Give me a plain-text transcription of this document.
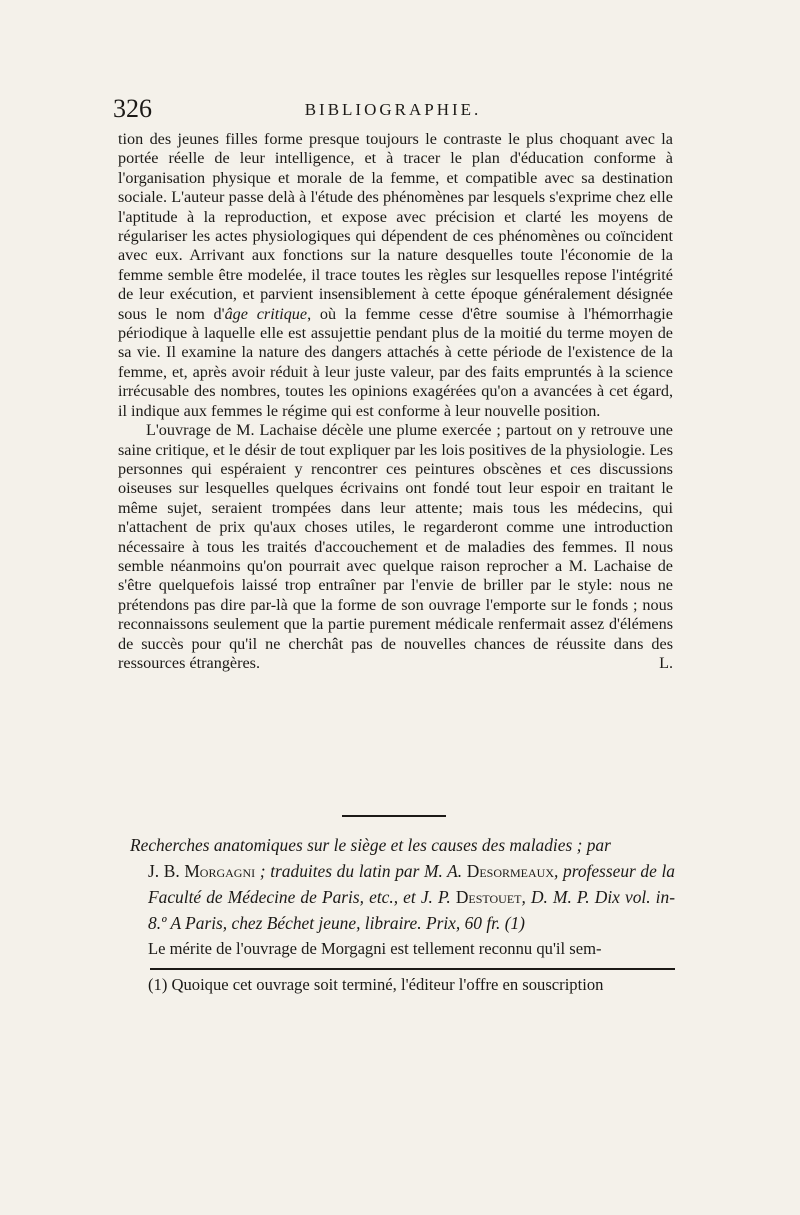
326	BIBLIOGRAPHIE.

tion des jeunes filles forme presque toujours le contraste le plus choquant avec la portée réelle de leur intelligence, et à tracer le plan d'éducation conforme à l'organisation physique et morale de la femme, et compatible avec sa destination sociale. L'auteur passe delà à l'étude des phénomènes par lesquels s'exprime chez elle l'aptitude à la reproduction, et expose avec précision et clarté les moyens de régulariser les actes physiologiques qui dépendent de ces phénomènes ou coïncident avec eux. Arrivant aux fonctions sur la nature desquelles toute l'économie de la femme semble être modelée, il trace toutes les règles sur lesquelles repose l'intégrité de leur exécution, et parvient insensiblement à cette époque généralement désignée sous le nom d'âge critique, où la femme cesse d'être soumise à l'hémorrhagie périodique à laquelle elle est assujettie pendant plus de la moitié du terme moyen de sa vie. Il examine la nature des dangers attachés à cette période de l'existence de la femme, et, après avoir réduit à leur juste valeur, par des faits empruntés à la science irrécusable des nombres, toutes les opinions exagérées qu'on a avancées à cet égard, il indique aux femmes le régime qui est conforme à leur nouvelle position.

L'ouvrage de M. Lachaise décèle une plume exercée ; partout on y retrouve une saine critique, et le désir de tout expliquer par les lois positives de la physiologie. Les personnes qui espéraient y rencontrer ces peintures obscènes et ces discussions oiseuses sur lesquelles quelques écrivains ont fondé tout leur espoir en traitant le même sujet, seraient trompées dans leur attente; mais tous les médecins, qui n'attachent de prix qu'aux choses utiles, le regarderont comme une introduction nécessaire à tous les traités d'accouchement et de maladies des femmes. Il nous semble néanmoins qu'on pourrait avec quelque raison reprocher a M. Lachaise de s'être quelquefois laissé trop entraîner par l'envie de briller par le style: nous ne prétendons pas dire par-là que la forme de son ouvrage l'emporte sur le fonds ; nous reconnaissons seulement que la partie purement médicale renfermait assez d'élémens de succès pour qu'il ne cherchât pas de nouvelles chances de réussite dans des ressources étrangères.	L.

Recherches anatomiques sur le siège et les causes des maladies ; par
J. B. Morgagni ; traduites du latin par M. A. Desormeaux, professeur de la Faculté de Médecine de Paris, etc., et J. P. Destouet, D. M. P. Dix vol. in-8.º A Paris, chez Béchet jeune, libraire. Prix, 60 fr. (1)
Le mérite de l'ouvrage de Morgagni est tellement reconnu qu'il sem-
(1) Quoique cet ouvrage soit terminé, l'éditeur l'offre en souscription
